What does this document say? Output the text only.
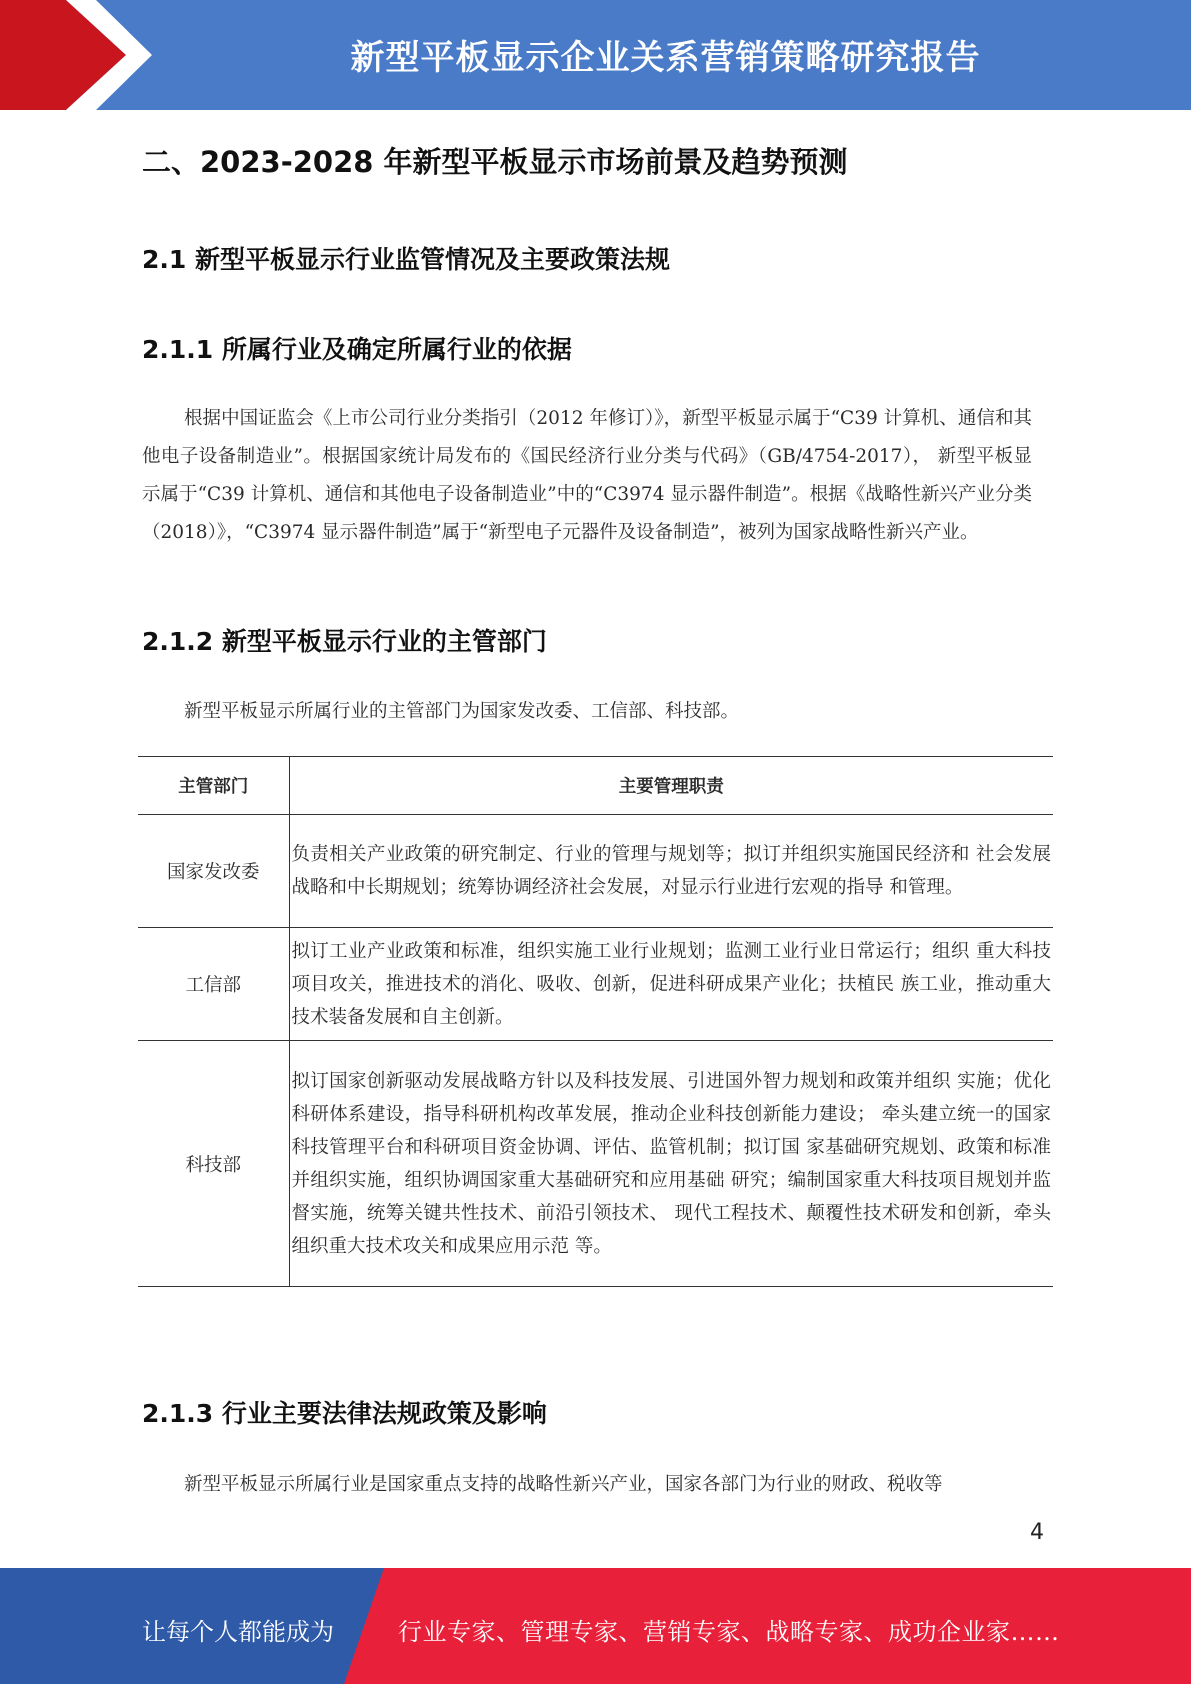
新型平板显示企业关系营销策略研究报告
二、2023-2028 年新型平板显示市场前景及趋势预测
2.1 新型平板显示行业监管情况及主要政策法规
2.1.1 所属行业及确定所属行业的依据
根据中国证监会《上市公司行业分类指引（2012 年修订）》，新型平板显示属于“C39 计算机、通信和其他电子设备制造业”。根据国家统计局发布的《国民经济行业分类与代码》（GB/4754-2017）， 新型平板显示属于“C39 计算机、通信和其他电子设备制造业”中的“C3974 显示器件制造”。根据《战略性新兴产业分类（2018）》，“C3974 显示器件制造”属于“新型电子元器件及设备制造”，被列为国家战略性新兴产业。
2.1.2 新型平板显示行业的主管部门
新型平板显示所属行业的主管部门为国家发改委、工信部、科技部。
主管部门	主要管理职责
国家发改委	负责相关产业政策的研究制定、行业的管理与规划等；拟订并组织实施国民经济和 社会发展战略和中长期规划；统筹协调经济社会发展，对显示行业进行宏观的指导 和管理。
工信部	拟订工业产业政策和标准，组织实施工业行业规划；监测工业行业日常运行；组织 重大科技项目攻关，推进技术的消化、吸收、创新，促进科研成果产业化；扶植民 族工业，推动重大技术装备发展和自主创新。
科技部	拟订国家创新驱动发展战略方针以及科技发展、引进国外智力规划和政策并组织 实施；优化科研体系建设，指导科研机构改革发展，推动企业科技创新能力建设； 牵头建立统一的国家科技管理平台和科研项目资金协调、评估、监管机制；拟订国 家基础研究规划、政策和标准并组织实施，组织协调国家重大基础研究和应用基础 研究；编制国家重大科技项目规划并监督实施，统筹关键共性技术、前沿引领技术、 现代工程技术、颠覆性技术研发和创新，牵头组织重大技术攻关和成果应用示范 等。
2.1.3 行业主要法律法规政策及影响
新型平板显示所属行业是国家重点支持的战略性新兴产业，国家各部门为行业的财政、税收等
4
让每个人都能成为	行业专家、管理专家、营销专家、战略专家、成功企业家……
